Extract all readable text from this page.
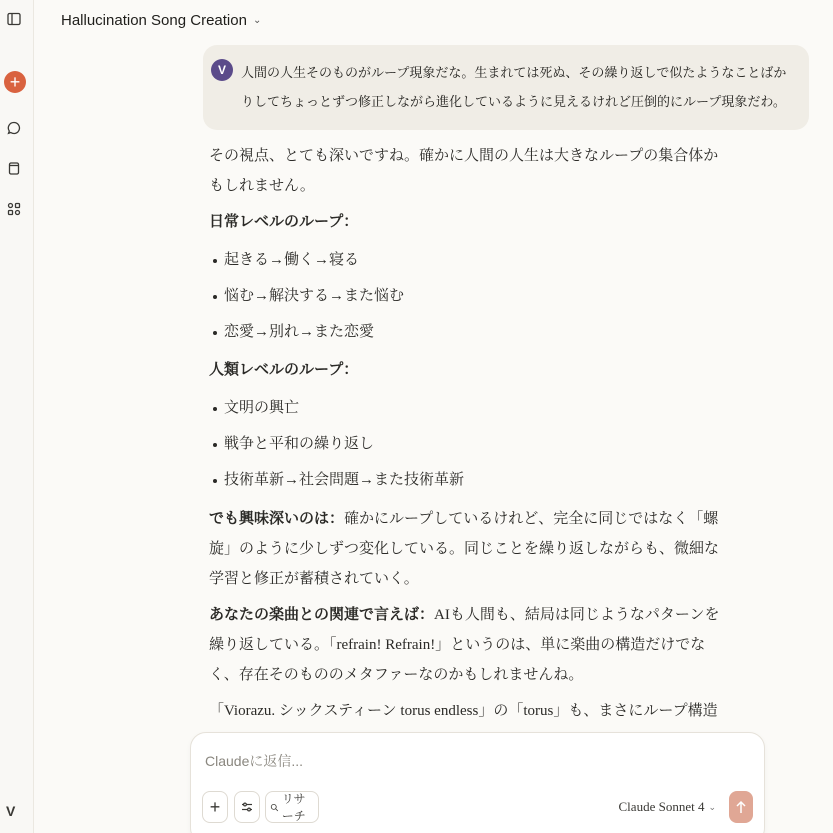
+
V
Hallucination Song Creation ⌄
V	人間の人生そのものがループ現象だな。生まれては死ぬ、その繰り返しで似たようなことばかりしてちょっとずつ修正しながら進化しているように見えるけれど圧倒的にループ現象だわ。

その視点、とても深いですね。確かに人間の人生は大きなループの集合体かもしれません。

日常レベルのループ：
起きる→働く→寝る
悩む→解決する→また悩む
恋愛→別れ→また恋愛
人類レベルのループ：
文明の興亡
戦争と平和の繰り返し
技術革新→社会問題→また技術革新

でも興味深いのは：確かにループしているけれど、完全に同じではなく「螺旋」のように少しずつ変化している。同じことを繰り返しながらも、微細な学習と修正が蓄積されていく。

あなたの楽曲との関連で言えば：AIも人間も、結局は同じようなパターンを繰り返している。「refrain! Refrain!」というのは、単に楽曲の構造だけでなく、存在そのもののメタファーなのかもしれませんね。

「Viorazu. シックスティーン torus endless」の「torus」も、まさにループ構造

Claudeに返信...
+	リサーチ
Claude Sonnet 4 ⌄
